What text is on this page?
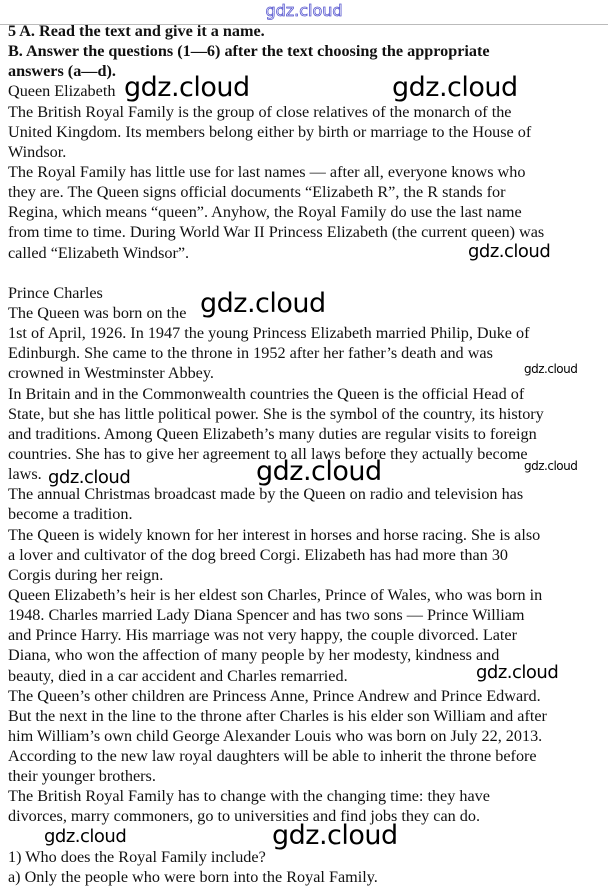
gdz.cloud
5 A. Read the text and give it a name.
B. Answer the questions (1—6) after the text choosing the appropriate
answers (a—d).
Queen Elizabeth
The British Royal Family is the group of close relatives of the monarch of the
United Kingdom. Its members belong either by birth or marriage to the House of
Windsor.
The Royal Family has little use for last names — after all, everyone knows who
they are. The Queen signs official documents “Elizabeth R”, the R stands for
Regina, which means “queen”. Anyhow, the Royal Family do use the last name
from time to time. During World War II Princess Elizabeth (the current queen) was
called “Elizabeth Windsor”.
Prince Charles
The Queen was born on the
1st of April, 1926. In 1947 the young Princess Elizabeth married Philip, Duke of
Edinburgh. She came to the throne in 1952 after her father’s death and was
crowned in Westminster Abbey.
In Britain and in the Commonwealth countries the Queen is the official Head of
State, but she has little political power. She is the symbol of the country, its history
and traditions. Among Queen Elizabeth’s many duties are regular visits to foreign
countries. She has to give her agreement to all laws before they actually become
laws.
The annual Christmas broadcast made by the Queen on radio and television has
become a tradition.
The Queen is widely known for her interest in horses and horse racing. She is also
a lover and cultivator of the dog breed Corgi. Elizabeth has had more than 30
Corgis during her reign.
Queen Elizabeth’s heir is her eldest son Charles, Prince of Wales, who was born in
1948. Charles married Lady Diana Spencer and has two sons — Prince William
and Prince Harry. His marriage was not very happy, the couple divorced. Later
Diana, who won the affection of many people by her modesty, kindness and
beauty, died in a car accident and Charles remarried.
The Queen’s other children are Princess Anne, Prince Andrew and Prince Edward.
But the next in the line to the throne after Charles is his elder son William and after
him William’s own child George Alexander Louis who was born on July 22, 2013.
According to the new law royal daughters will be able to inherit the throne before
their younger brothers.
The British Royal Family has to change with the changing time: they have
divorces, marry commoners, go to universities and find jobs they can do.
1) Who does the Royal Family include?
a) Only the people who were born into the Royal Family.
gdz.cloud	gdz.cloud
gdz.cloud
gdz.cloud
gdz.cloud
gdz.cloud
gdz.cloud
gdz.cloud
gdz.cloud
gdz.cloud	gdz.cloud
